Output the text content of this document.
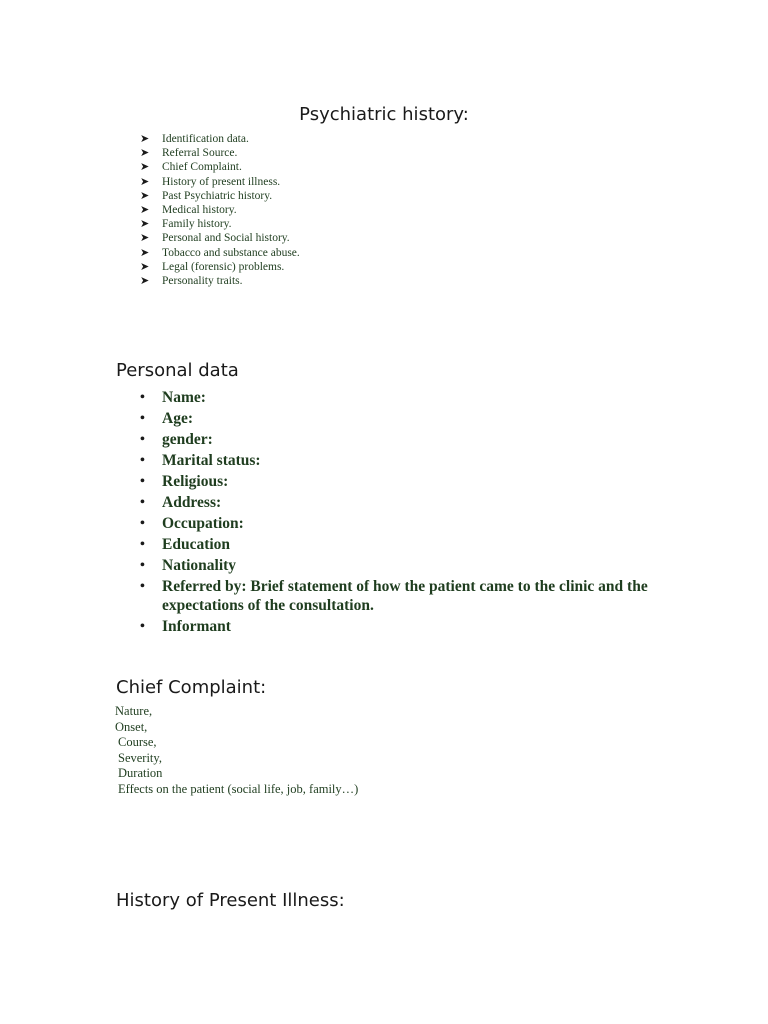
Psychiatric history:
➤ Identification data.
➤ Referral Source.
➤ Chief Complaint.
➤ History of present illness.
➤ Past Psychiatric history.
➤ Medical history.
➤ Family history.
➤ Personal and Social history.
➤ Tobacco and substance abuse.
➤ Legal (forensic) problems.
➤ Personality traits.
Personal data
• Name:
• Age:
• gender:
• Marital status:
• Religious:
• Address:
• Occupation:
• Education
• Nationality
• Referred by: Brief statement of how the patient came to the clinic and the expectations of the consultation.
• Informant
Chief Complaint:
Nature,
Onset,
Course,
Severity,
Duration
Effects on the patient (social life, job, family…)
History of Present Illness:
